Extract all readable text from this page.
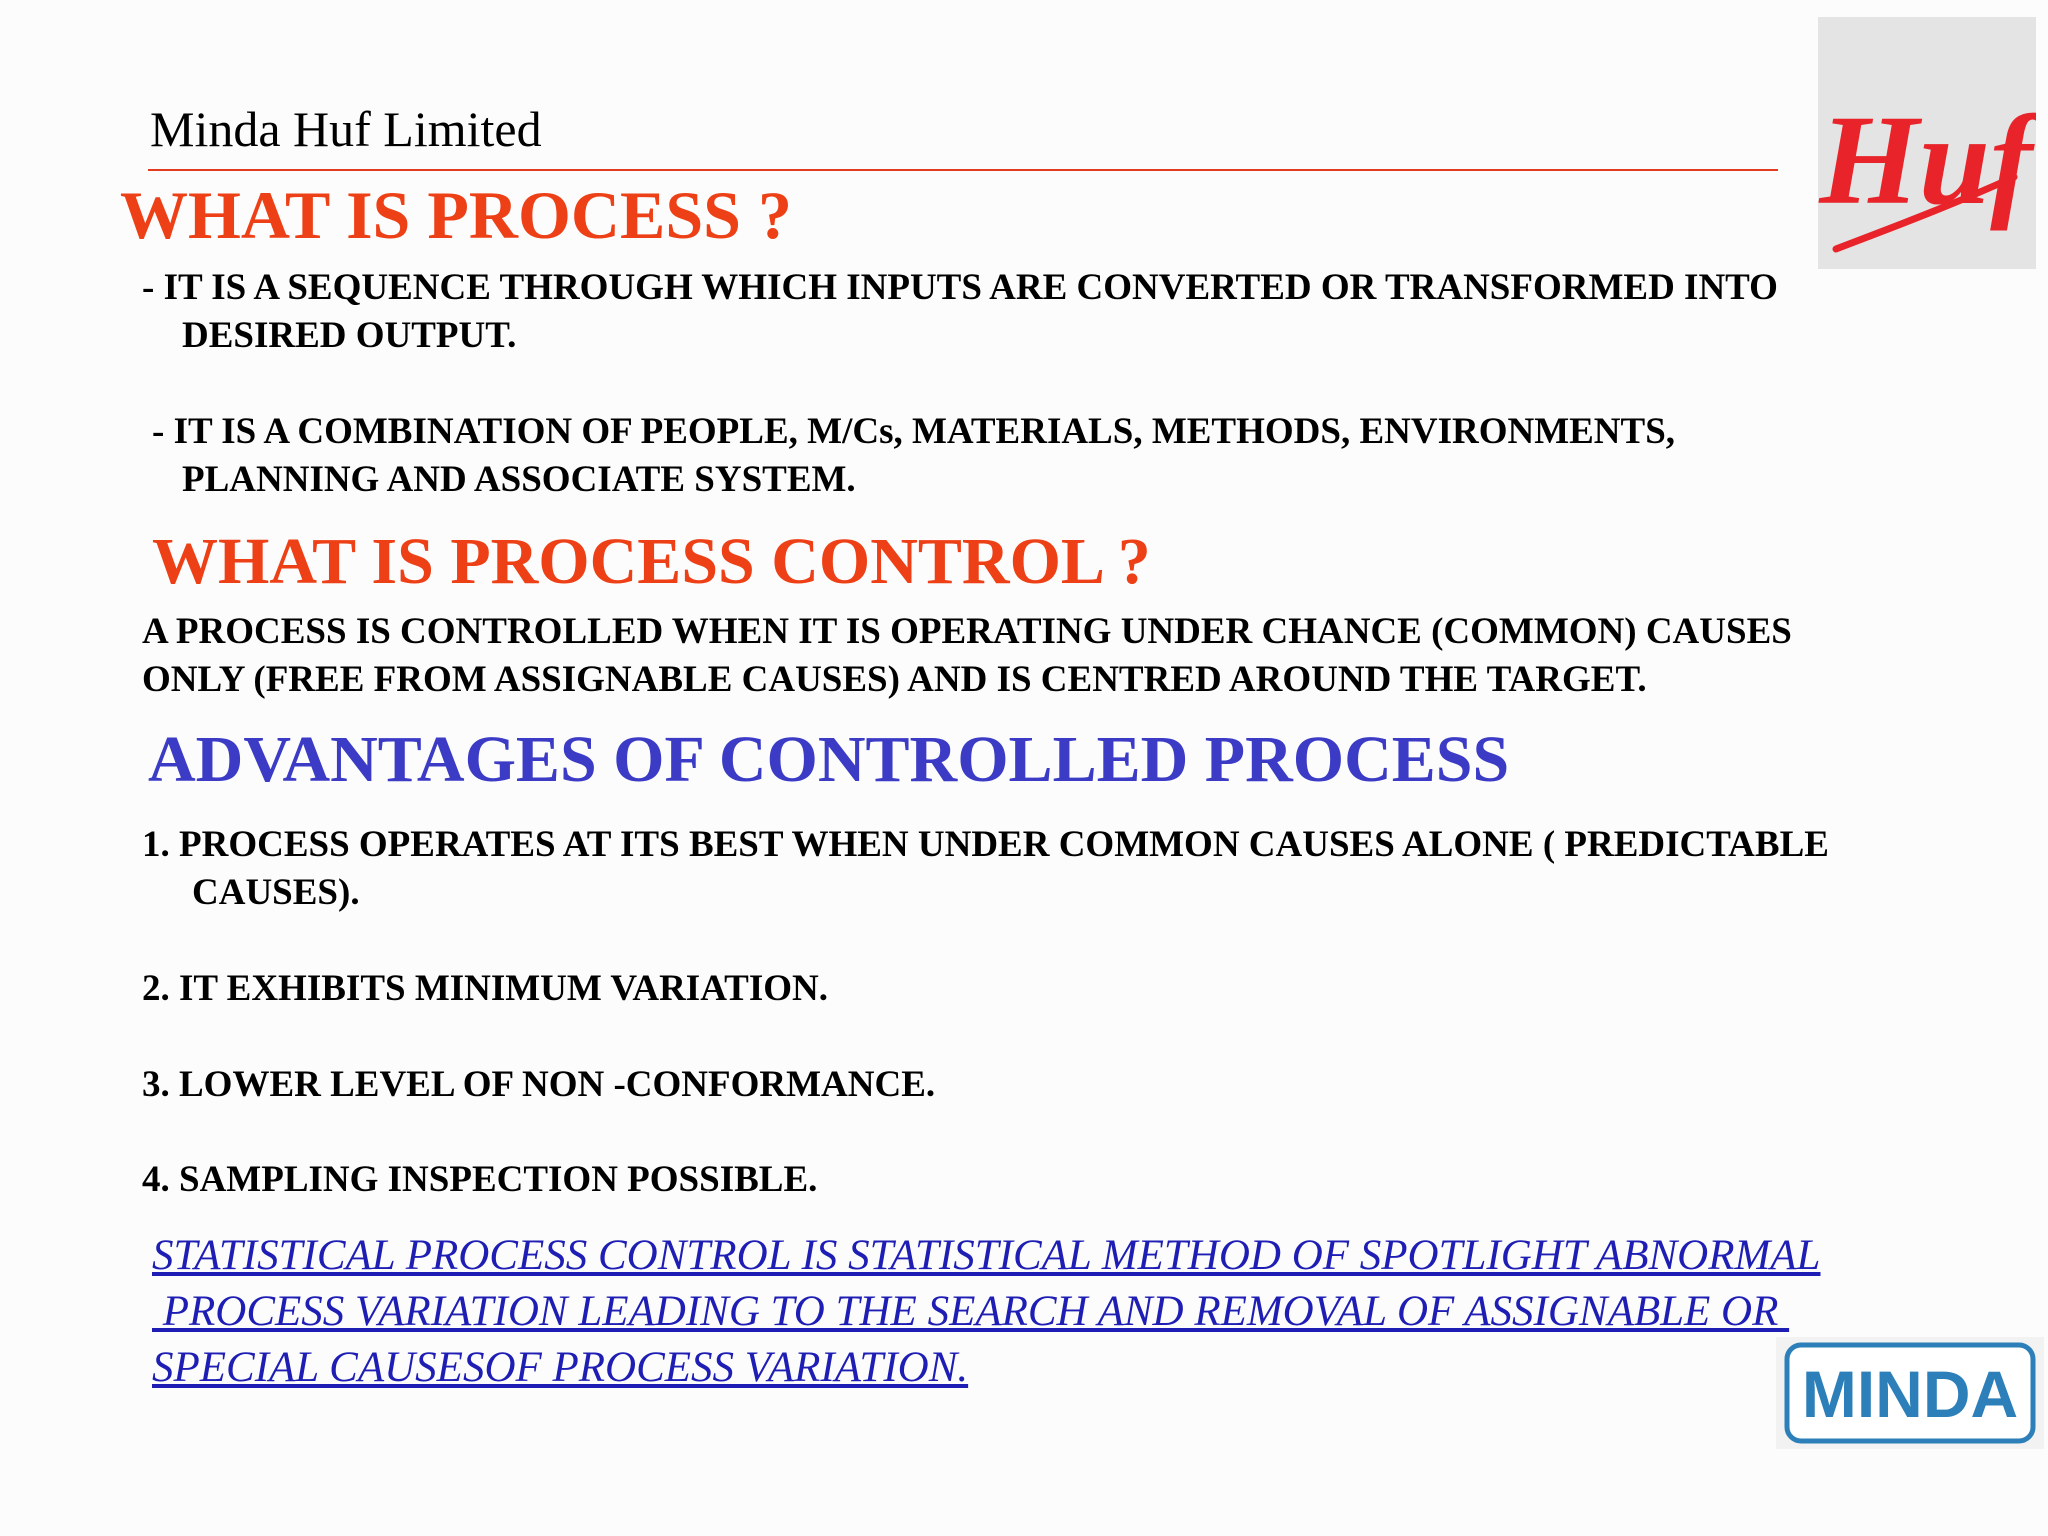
Minda Huf Limited	Huf
WHAT IS PROCESS ?
- IT IS A SEQUENCE THROUGH WHICH INPUTS ARE CONVERTED OR TRANSFORMED INTO
DESIRED OUTPUT.
- IT IS A COMBINATION OF PEOPLE, M/Cs, MATERIALS, METHODS, ENVIRONMENTS,
PLANNING AND ASSOCIATE SYSTEM.
WHAT IS PROCESS CONTROL ?
A PROCESS IS CONTROLLED WHEN IT IS OPERATING UNDER CHANCE (COMMON) CAUSES
ONLY (FREE FROM ASSIGNABLE CAUSES) AND IS CENTRED AROUND THE TARGET.
ADVANTAGES OF CONTROLLED PROCESS
1. PROCESS OPERATES AT ITS BEST WHEN UNDER COMMON CAUSES ALONE ( PREDICTABLE
CAUSES).
2. IT EXHIBITS MINIMUM VARIATION.
3. LOWER LEVEL OF NON -CONFORMANCE.
4. SAMPLING INSPECTION POSSIBLE.
STATISTICAL PROCESS CONTROL IS STATISTICAL METHOD OF SPOTLIGHT ABNORMAL
PROCESS VARIATION LEADING TO THE SEARCH AND REMOVAL OF ASSIGNABLE OR
SPECIAL CAUSESOF PROCESS VARIATION.	MINDA
